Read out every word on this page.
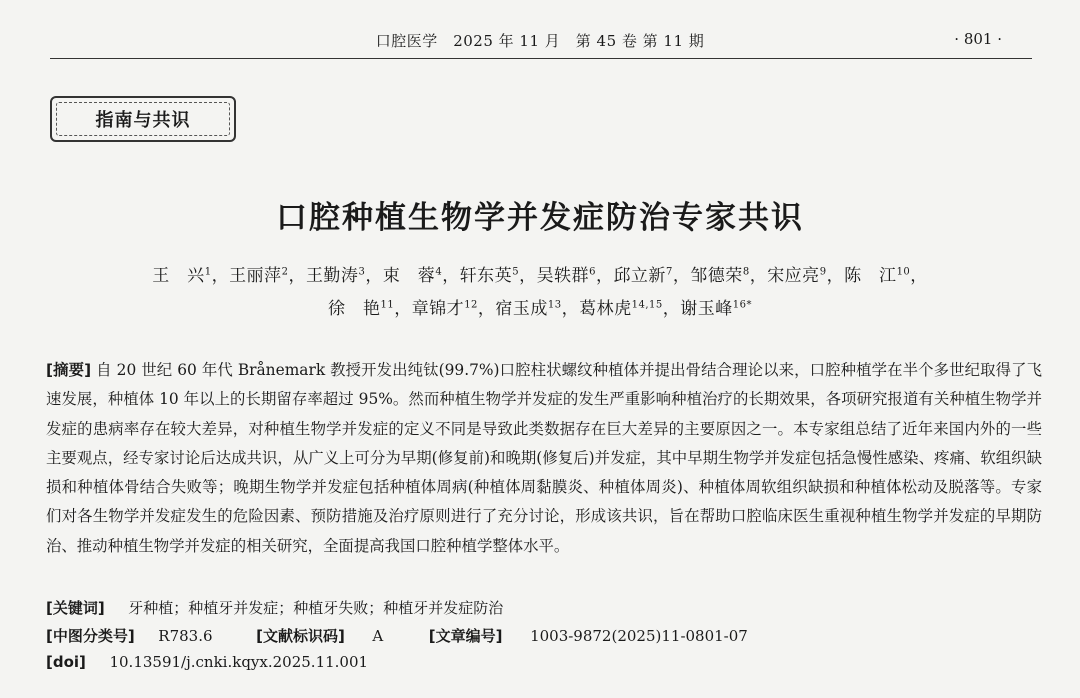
口腔医学　2025 年 11 月　第 45 卷 第 11 期	· 801 ·
指南与共识
口腔种植生物学并发症防治专家共识
王　兴$^1$，王丽萍$^2$，王勤涛$^3$，束　蓉$^4$，轩东英$^5$，吴轶群$^6$，邱立新$^7$，邹德荣$^8$，宋应亮$^9$，陈　江$^{10}$，
徐　艳$^{11}$，章锦才$^{12}$，宿玉成$^{13}$，葛林虎$^{14,15}$，谢玉峰$^{16*}$

[摘要] 自 20 世纪 60 年代 Brånemark 教授开发出纯钛(99.7%)口腔柱状螺纹种植体并提出骨结合理论以来，口腔种植学在半个多世纪取得了飞速发展，种植体 10 年以上的长期留存率超过 95%。然而种植生物学并发症的发生严重影响种植治疗的长期效果，各项研究报道有关种植生物学并发症的患病率存在较大差异，对种植生物学并发症的定义不同是导致此类数据存在巨大差异的主要原因之一。本专家组总结了近年来国内外的一些主要观点，经专家讨论后达成共识，从广义上可分为早期(修复前)和晚期(修复后)并发症，其中早期生物学并发症包括急慢性感染、疼痛、软组织缺损和种植体骨结合失败等；晚期生物学并发症包括种植体周病(种植体周黏膜炎、种植体周炎)、种植体周软组织缺损和种植体松动及脱落等。专家们对各生物学并发症发生的危险因素、预防措施及治疗原则进行了充分讨论，形成该共识，旨在帮助口腔临床医生重视种植生物学并发症的早期防治、推动种植生物学并发症的相关研究，全面提高我国口腔种植学整体水平。

[关键词] 牙种植；种植牙并发症；种植牙失败；种植牙并发症防治
[中图分类号] R783.6	[文献标识码] A	[文章编号] 1003-9872(2025)11-0801-07
[doi] 10.13591/j.cnki.kqyx.2025.11.001
